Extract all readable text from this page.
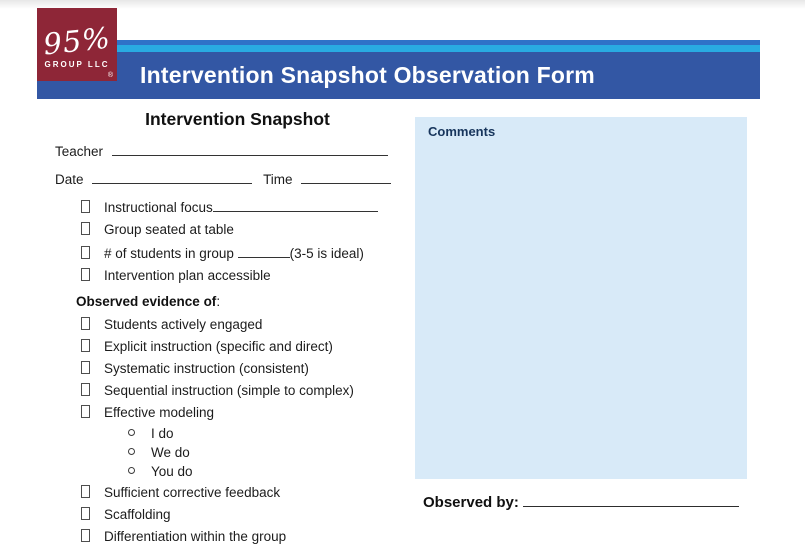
Intervention Snapshot Observation Form
95%
GROUP LLC
®
Intervention Snapshot
Teacher
Date	Time
Instructional focus
Group seated at table
# of students in group	(3-5 is ideal)
Intervention plan accessible
Observed evidence of:
Students actively engaged
Explicit instruction (specific and direct)
Systematic instruction (consistent)
Sequential instruction (simple to complex)
Effective modeling
I do
We do
You do
Sufficient corrective feedback
Scaffolding
Differentiation within the group
Comments
Observed by:
